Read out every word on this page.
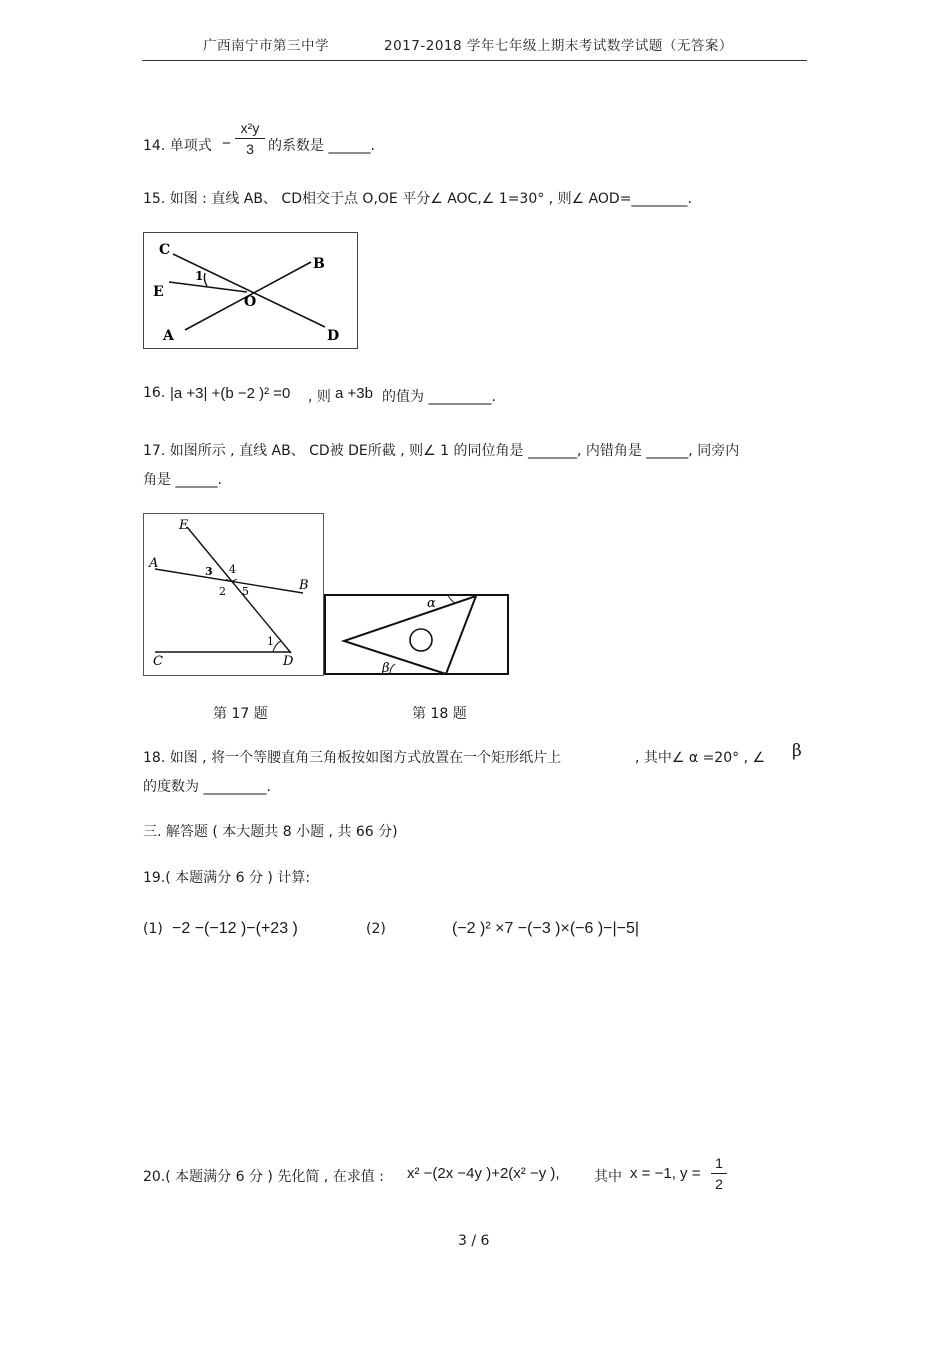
广西南宁市第三中学	2017-2018 学年七年级上期末考试数学试题（无答案）
14. 单项式 −
x²y
3	的系数是 ______.
15. 如图 : 直线 AB、 CD相交于点 O,OE 平分∠ AOC,∠ 1=30° , 则∠ AOD=________.
C
B
E
O
A	D
1
16. |a +3| +(b −2 )² =0 , 则 a +3b 的值为 _________.
17. 如图所示 , 直线 AB、 CD被 DE所截 , 则∠ 1 的同位角是 _______, 内错角是 ______, 同旁内
角是 ______.
E
A
B
C	D
1
2
3 4
5
α
β
第 17 题	第 18 题
18. 如图 , 将一个等腰直角三角板按如图方式放置在一个矩形纸片上	, 其中∠ α =20° , ∠ β
的度数为 _________.
三. 解答题 ( 本大题共 8 小题 , 共 66 分)
19.( 本题满分 6 分 ) 计算:
(1) −2 −(−12 )−(+23 )	(2)	(−2 )² ×7 −(−3 )×(−6 )−|−5|
20.( 本题满分 6 分 ) 先化简 , 在求值 : x² −(2x −4y )+2(x² −y ), 其中 x = −1, y =
1
2
3 / 6
